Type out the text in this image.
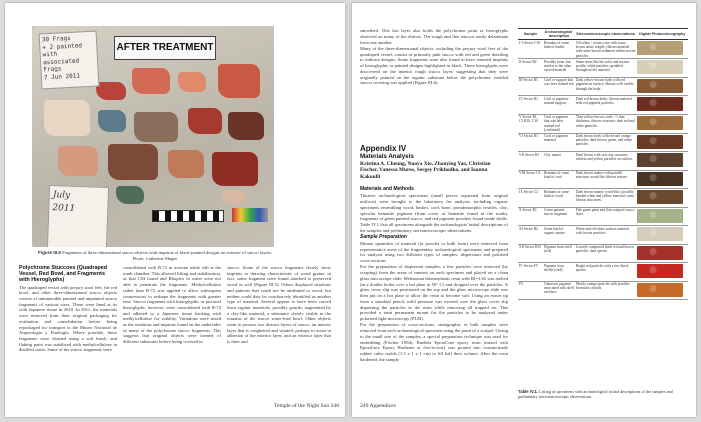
30 Frags
+ 2 painted
with
associated
Frags
7 Jun 2011
AFTER TREATMENT
July
2011
Figure III.6 Fragments of three-dimensional stucco objects with imprints of black-painted designs on exterior of stucco layers. Photo: Catherine Magee
Polychrome Stuccoes (Quadraped Vessel, Red Bowl, and Fragments with Hieroglyphs)

The quadraped vessel with perjury stool feet, the red bowl, and other three-dimensional stucco objects consist of innumerable painted and unpainted stucco fragments of various sizes. These were lined at its with Japanese tissue in 2010. In 2011, the materials were removed from their original packaging for evaluation and consolidation before being repackaged for transport to the Museo Nacional de Arqueología y Etnología. Where possible, these fragments were cleaned using a soft brush, and flaking paint was stabilized with methylcellulose in distilled water. Some of the stucco fragments were

consolidated with B-72 in acetone while still at the tomb chamber. This allowed lifting and stabilization, as that CM found and Rhoplex in water were not able to penetrate the fragments. Methylcellulose rather than B-72 was applied to allow subsequent conservators to reshape the fragments with greater ease. Stucco fragments with hieroglyphic or pictorial hieroglyphs, however, were consolidated with B-72 and adhered to a Japanese tissue backing with methylcellulose for stability. Variations were noted as the striations and imprints found on the undersides of many of the polychrome stucco fragments. This suggests that original objects were formed of different substrates before being covered in

stucco. Some of the stucco fragments clearly show imprints or drawing characteristic of wood grains; in fact, some fragment were found attached to preserved wood as well (Figure III.5). Others displayed striations and patterns that could not be attributed to wood, but neither could they be conclusively identified as another type of material. Several appear to have been carved from organic materials, possibly gourds, augmented by a clay-like material, a substance clearly visible in the remains of the stucco water-bird bowl. Other objects seem to possess two distinct layers of stucco, an interior layer that is roughened and striated, perhaps to assist in adhesion of the exterior layer, and an exterior layer that is finer and

Temple of the Night Sun 248

smoothed. This last layer also holds the polychrome paint or hieroglyphs observed on many of the objects. The rough and fine stuccos easily delaminate from one another.

Many of the three-dimensional objects, including the perjury stool feet of the quadraped vessel, consist of primarily pink stucco with red and green detailing to indicate designs. Some fragments were also found to have retained imprints of hieroglyphic or painted designs highlighted in black. These hieroglyphs were discovered on the interior rough stucco layer, suggesting that they were originally painted on the organic substrate below the polychrome, molded stucco covering was applied (Figure III.6).

Appendix IV
Materials Analysis
Kristina A. Cheung, Nuoya Xie, Zhaoying Yao, Christian Fischer, Vanessa Muros, Sergey Prikhodko, and Ioanna Kakoulli
Materials and Methods

Thirteen archaeological specimens (small pieces separated from original artifacts) were brought to the laboratory for analysis, including organic specimens resembling wood, basket, cord, bone, pseudomorphic textiles, clay, specular hematite pigment (from cover of hematite found in the tomb), fragments of green painted stucco, and red pigment powders found inside shells. Table IV.1 lists all specimens alongside the archaeologists' initial descriptions of the samples and preliminary stereomicroscopic observations.

Sample Preparation

Minute quantities of material (in powder or bulk form) were removed from representative areas of the fragmentary archaeological specimens and prepared for analysis using two different types of samples: dispersions and polished cross-sections.

For the preparation of dispersion samples, a few particles were removed (by scraping) from the areas of interest on each specimen and placed on a clean glass microscope slide. Meltmount thermoplastic resin with RI=1.62 was melted (in a double boiler over a hot plate at 50° C) and dropped over the particles. A glass cover slip was positioned on the top and the glass microscope slide was then put on a hot plate to allow the resin to become soft. Using an eraser tip from a standard pencil, mild pressure was exerted over the glass cover slip dispersing the particles in the resin while removing all trapped air. This provided a semi permanent mount for the particles to be analyzed under polarized light microscopy (PLM).

For the preparation of cross-sections, stratigraphic or bulk samples were removed from each archaeological specimen using the point of a scalpel. Owing to the small size of the samples, a special preparation technique was used for embedding (Fischer 1994). Buehler EpoxiCure epoxy resin (mixed with EpoxiCure Epoxy Hardener at five-to-one) was poured into custom-made rubber cubic molds (1.5 x 1 x 1 cm) to fill half their volume. After the resin hardened, the sample

Sample	Archaeologists' description	Stereomicroscopic observations	Digital Photomicrography
I-1 Sector C10	Remains of some kind of basket	Off-white / cream color with some brown areas; fragile, fibrous material with some brown sediment within woven particles.	

II Sector B2	Possibly bone, but similar to the other carved material	Some areas like the color and texture profile; white particles sprinkled throughout the material.	

III Sector B1	Cord or support that was later stained red	Dark yellow-brown body with red pigment on surface; fibrous cells visible through the body.	

IV Sector B1	Cord or pigment-stained support	Dark red-brown body; fibrous material with red pigment particles.	

V Sector B1, C3 B10, C10	Cord or pigment that was later stained red (cochineal)	Thin yellow-brown cords, ~1 mm thickness; fibrous structure; dark red and white particles.	

VI Sector B1	Cord or pigment material	Dark brown body with red and orange particles; dark brown, green, and white particles.	

VII Sector B1	Clay matter	Dark brown with soft clay structure; whitish and yellow particles on surface.	

VIII Sector C4	Remains of some kind of cord	Dark brown matter with parallel structure; wood-like fibrous texture.	

IX Sector C2	Remains of some kind of wood	Dark brown matter; wood-like, possibly banded white and yellow material; some fibrous structures.	

X Sector B1	Green painted stucco fragment	Pale green paint and thin sculpted stucco layer.	

XI Sector B2	Some kind of organic matter	White and off-white surface material with brown particles.	

XII Sector B10	Pigment from shell (red)	Loosely compacted thick red and brown particles; dark specks.	

P1 Sector F5	Pigment from shell(s) (red)	Bright red particles with a few black specks.	

P3	Unknown pigment associated with shell necklace	Mostly orange particles with possible brownish crystals.	
Table IV.1. Listing of specimens with archaeologists' initial descriptions of the samples and preliminary stereomicroscopic observations.
249 Appendices
